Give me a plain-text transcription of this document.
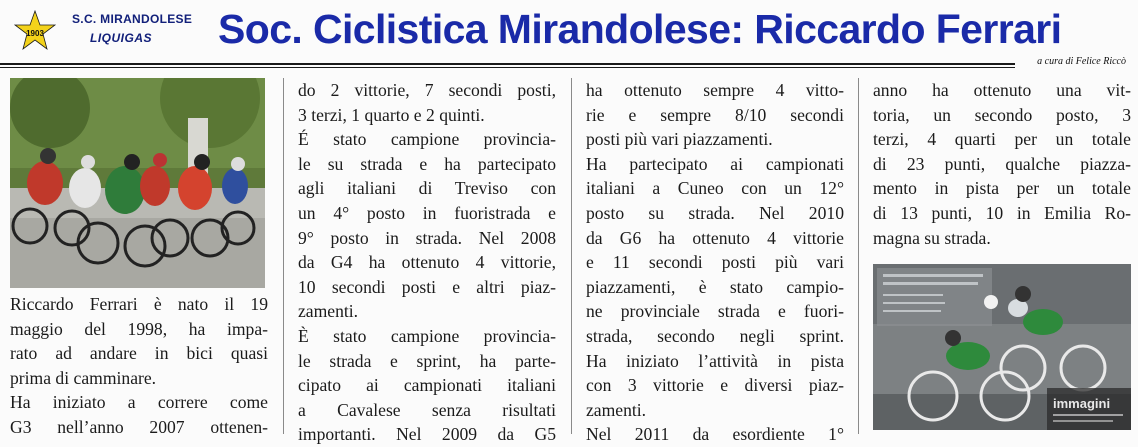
1903
S.C. MIRANDOLESE
LIQUIGAS	Soc. Ciclistica Mirandolese: Riccardo Ferrari
a cura di Felice Riccò

Riccardo Ferrari è nato il 19
maggio del 1998, ha impa-
rato ad andare in bici quasi
prima di camminare.
Ha iniziato a correre come
G3 nell’anno 2007 ottenen-

do 2 vittorie, 7 secondi posti,
3 terzi, 1 quarto e 2 quinti.
É stato campione provincia-
le su strada e ha partecipato
agli italiani di Treviso con
un 4° posto in fuoristrada e
9° posto in strada. Nel 2008
da G4 ha ottenuto 4 vittorie,
10 secondi posti e altri piaz-
zamenti.
È stato campione provincia-
le strada e sprint, ha parte-
cipato ai campionati italiani
a Cavalese senza risultati
importanti. Nel 2009 da G5

ha ottenuto sempre 4 vitto-
rie e sempre 8/10 secondi
posti più vari piazzamenti.
Ha partecipato ai campionati
italiani a Cuneo con un 12°
posto su strada. Nel 2010
da G6 ha ottenuto 4 vittorie
e 11 secondi posti più vari
piazzamenti, è stato campio-
ne provinciale strada e fuori-
strada, secondo negli sprint.
Ha iniziato l’attività in pista
con 3 vittorie e diversi piaz-
zamenti.
Nel 2011 da esordiente 1°

anno ha ottenuto una vit-
toria, un secondo posto, 3
terzi, 4 quarti per un totale
di 23 punti, qualche piazza-
mento in pista per un totale
di 13 punti, 10 in Emilia Ro-
magna su strada.

immagini
